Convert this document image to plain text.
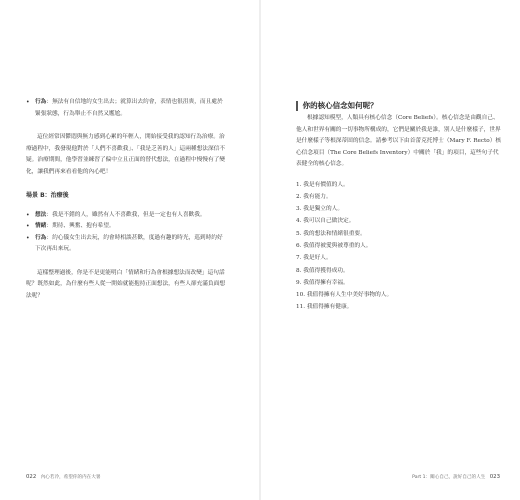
• 行為：無法有自信地約女生出去；就算出去約會，表情也很沮喪，而且處於緊張狀態，行為舉止不自然又尷尬。

這位經常因鬱悶與無力感到心累的年輕人，開始接受我的認知行為治療。治療過程中，我發現他對於「人們不喜歡我」、「我是乏善的人」這兩種想法深信不疑。治療期間，他學習並練習了偏中立且正面的替代想法，在過程中慢慢有了變化，讓我們再來看看他的內心吧！

場景 B：治療後
• 想法：我是不錯的人，雖然有人不喜歡我，但是一定也有人喜歡我。
• 情緒：期待、興奮、抱有希望。
• 行為：約心儀女生出去玩，約會時相談甚歡，度過有趣的時光，巡到時約好下次再出來玩。

這樣整理過後，你是不是更能明白「情緒和行為會根據想法而改變」這句話呢？既然如此，為什麼有些人從一開始就能抱持正面想法，有些人卻充滿負面想法呢？

022 內心若冷，希望你的内在大暑
你的核心信念如何呢？

根據認知模型，人類具有核心信念（Core Beliefs）。核心信念是由觀自己、他人和世界有關的一切事物所構成的，它們是關於我是誰，別人是什麼樣子，世界是什麼樣子等根深蒂固的信念。請參考以下由首蕾克托博士（Mary F. Recto）核心信念項目（The Core Beliefs Inventory）中關於「我」的項目，這些句子代表健全的核心信念。

1. 我是有價值的人。
2. 我有能力。
3. 我是獨立的人。
4. 我可以自己做決定。
5. 我的想法和情緒很重要。
6. 我值得被愛與被尊重的人。
7. 我是好人。
8. 我值得獲得成功。
9. 我值得擁有幸福。
10. 我值得擁有人生中美好事物的人。
11. 我值得擁有健康。
Part 1：關心自己，說好自己的人生 023
